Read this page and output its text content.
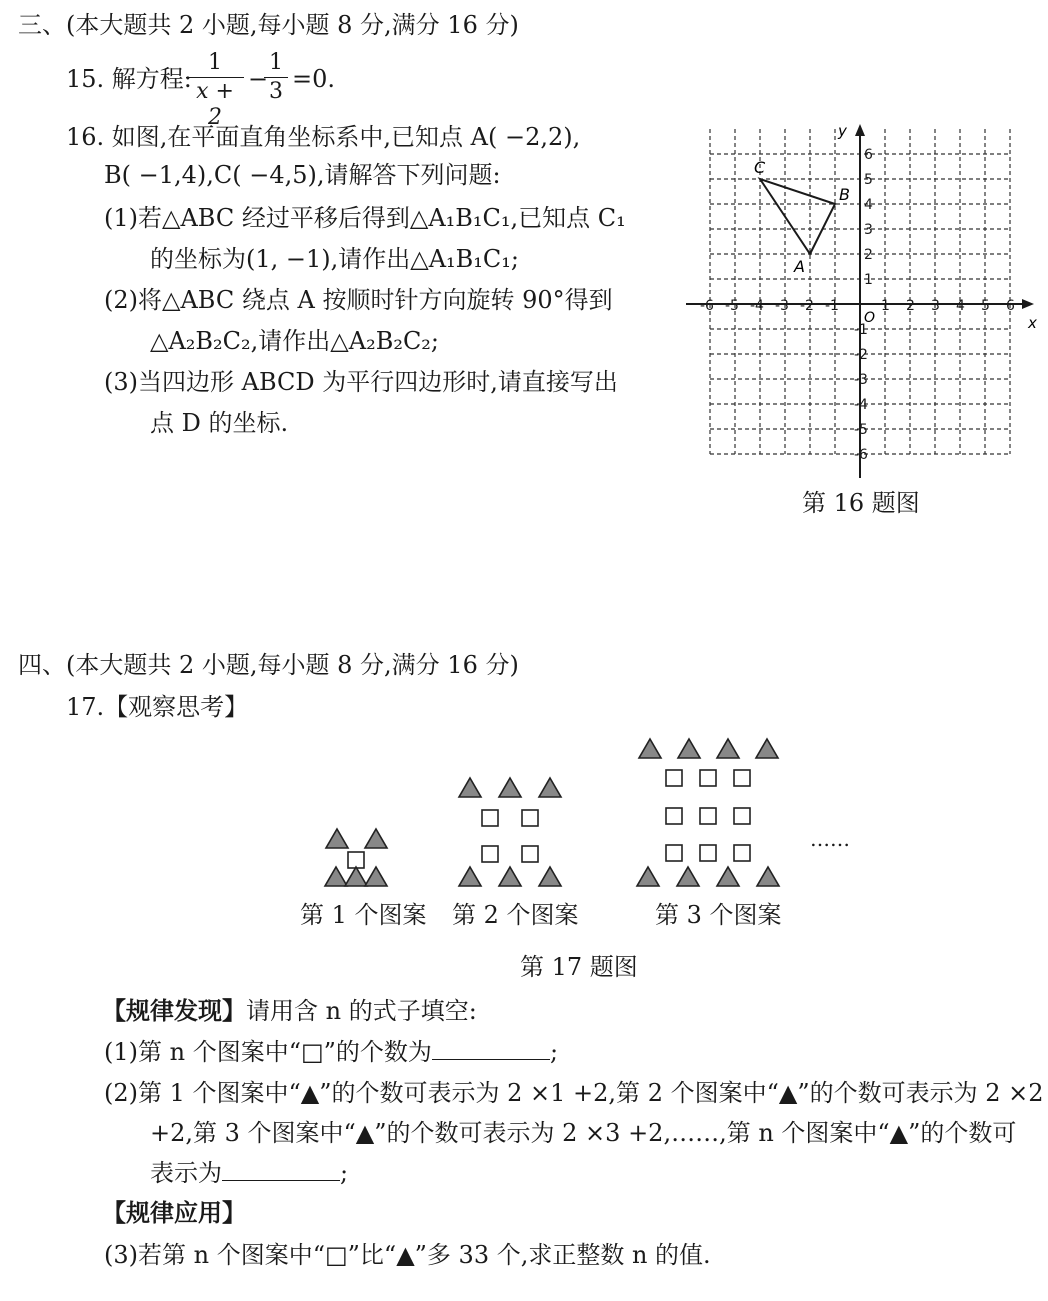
三、(本大题共 2 小题,每小题 8 分,满分 16 分)
15. 解方程:
1
x + 2
−
1
3 =0.
16. 如图,在平面直角坐标系中,已知点 A( −2,2),
B( −1,4),C( −4,5),请解答下列问题:
(1)若△ABC 经过平移后得到△A₁B₁C₁,已知点 C₁
的坐标为(1, −1),请作出△A₁B₁C₁;
(2)将△ABC 绕点 A 按顺时针方向旋转 90°得到
△A₂B₂C₂,请作出△A₂B₂C₂;
(3)当四边形 ABCD 为平行四边形时,请直接写出
点 D 的坐标.
x
y
O
-6 -5 -4 -3 -2 -1	1 2 3 4 5 6
6
5
4
3
2
1
-1
-2
-3
-4
-5
-6
A
B
C
第 16 题图
四、(本大题共 2 小题,每小题 8 分,满分 16 分)
17.【观察思考】
……
第 1 个图案 第 2 个图案	第 3 个图案
第 17 题图
【规律发现】请用含 n 的式子填空:
(1)第 n 个图案中“□”的个数为	;
(2)第 1 个图案中“▲”的个数可表示为 2 ×1 +2,第 2 个图案中“▲”的个数可表示为 2 ×2
+2,第 3 个图案中“▲”的个数可表示为 2 ×3 +2,……,第 n 个图案中“▲”的个数可
表示为	;
【规律应用】
(3)若第 n 个图案中“□”比“▲”多 33 个,求正整数 n 的值.
